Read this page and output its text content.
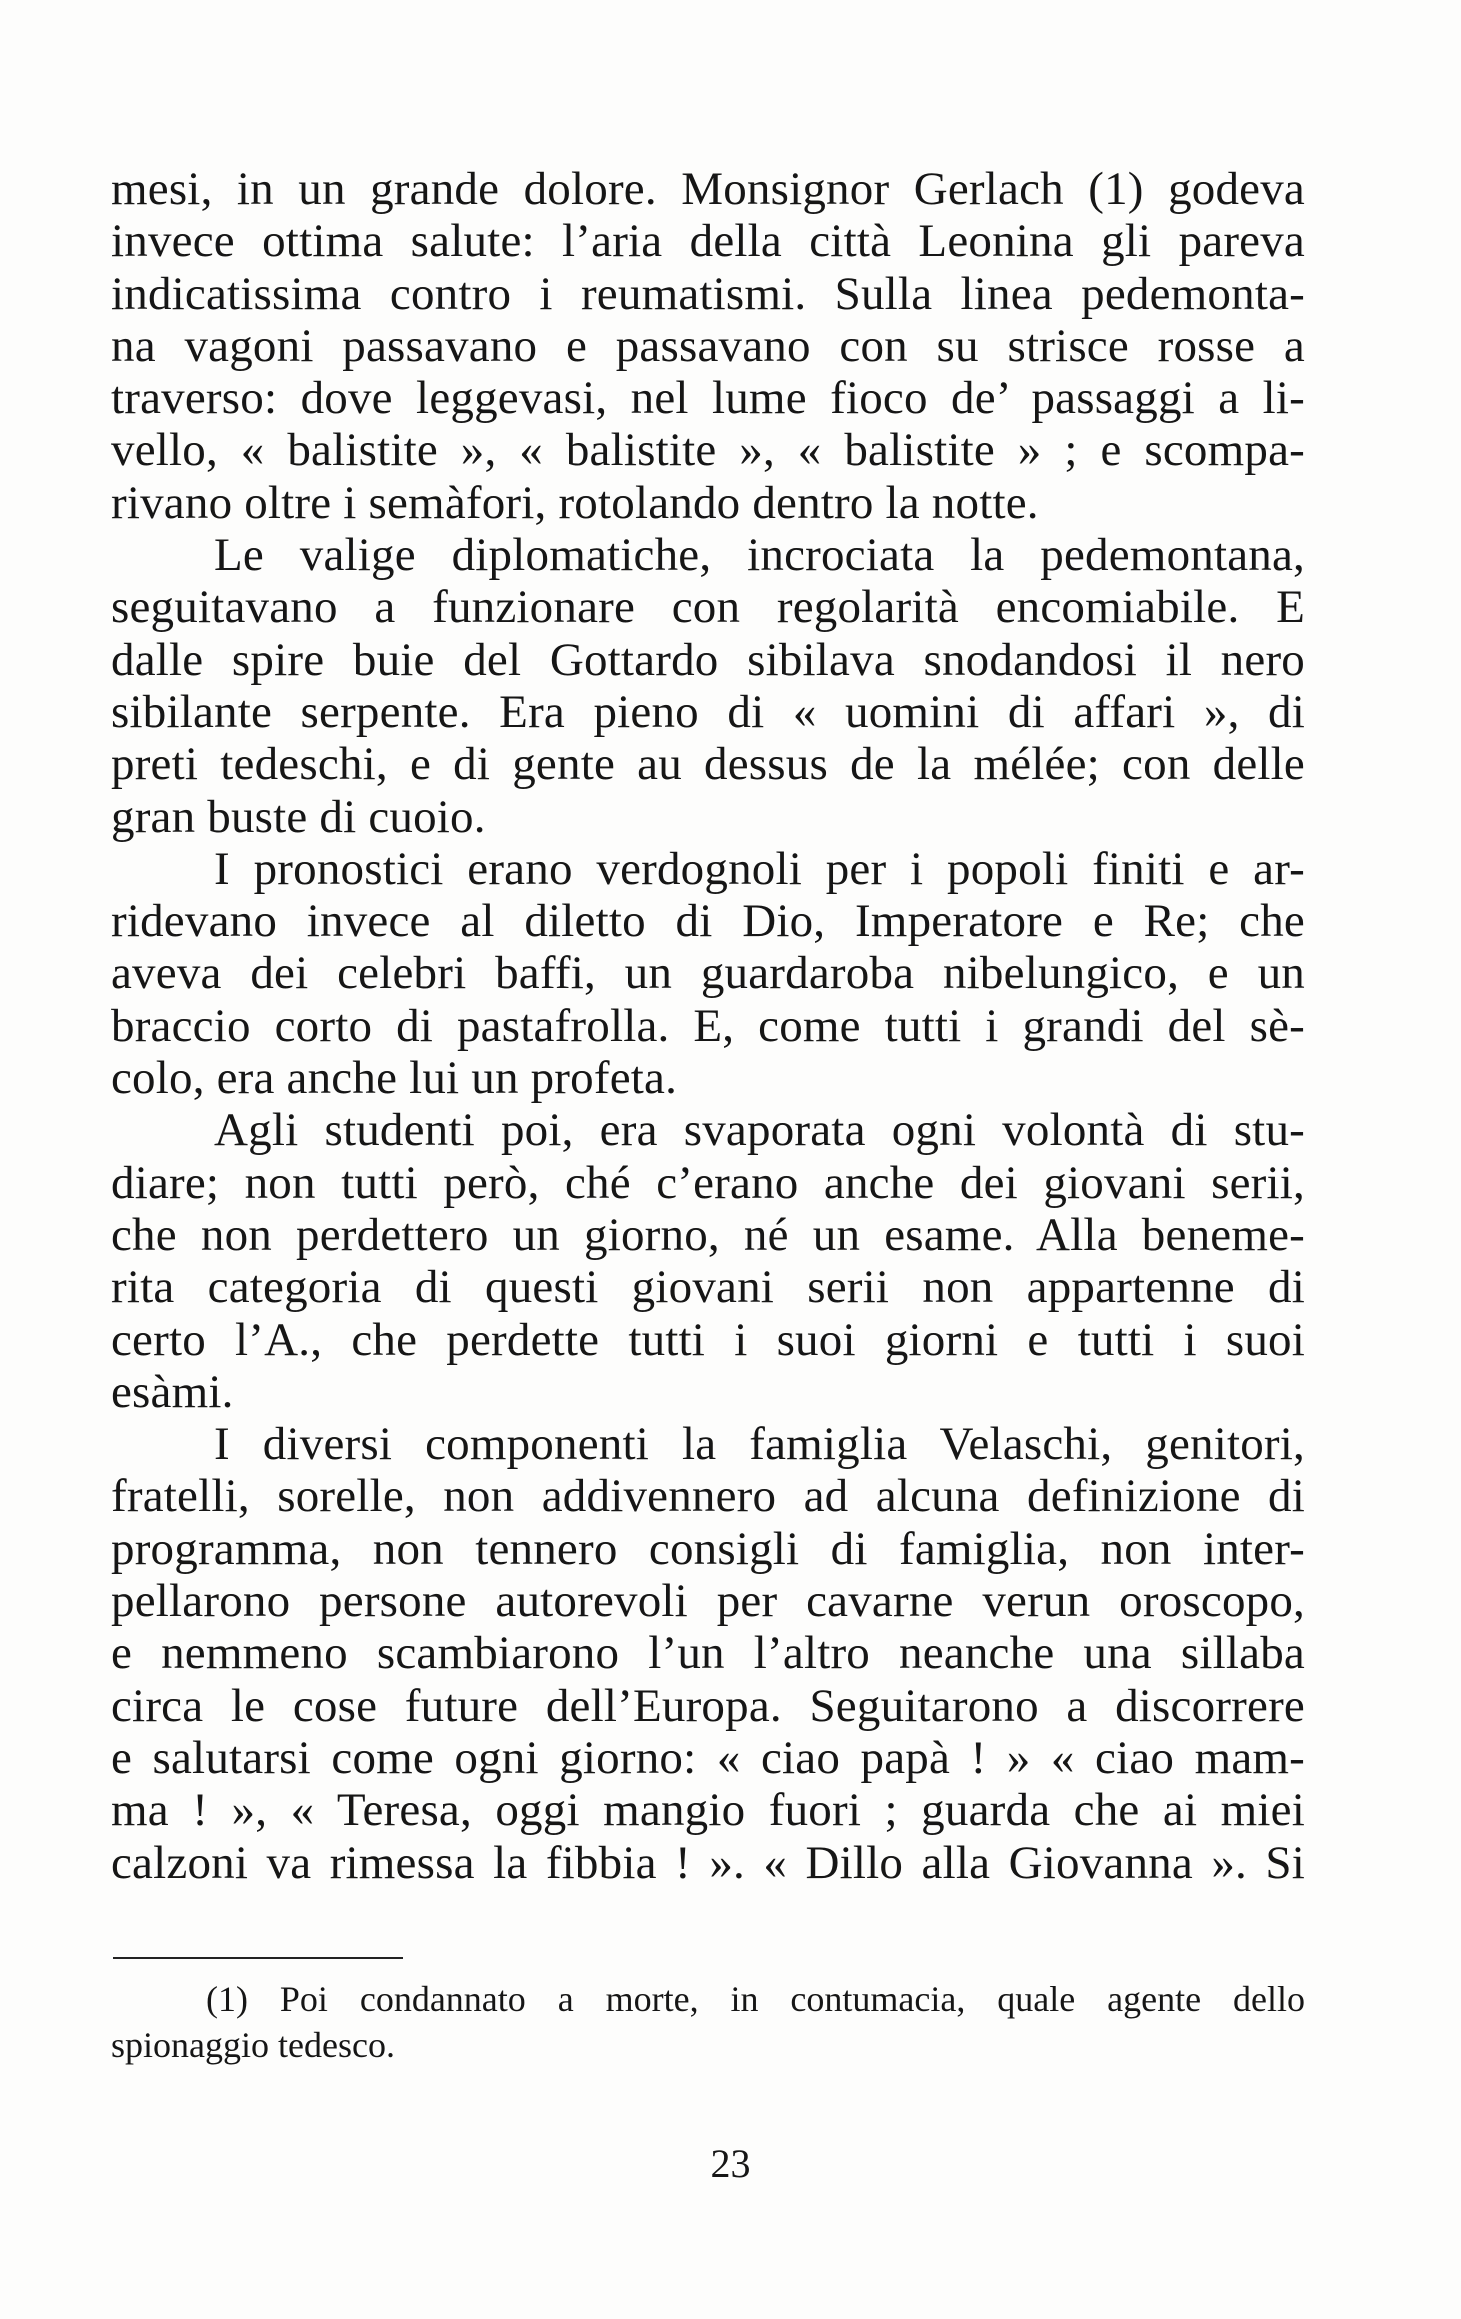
mesi, in un grande dolore. Monsignor Gerlach (1) godeva
invece ottima salute: l’aria della città Leonina gli pareva
indicatissima contro i reumatismi. Sulla linea pedemonta-
na vagoni passavano e passavano con su strisce rosse a
traverso: dove leggevasi, nel lume fioco de’ passaggi a li-
vello, « balistite », « balistite », « balistite » ; e scompa-
rivano oltre i semàfori, rotolando dentro la notte.
Le valige diplomatiche, incrociata la pedemontana,
seguitavano a funzionare con regolarità encomiabile. E
dalle spire buie del Gottardo sibilava snodandosi il nero
sibilante serpente. Era pieno di « uomini di affari », di
preti tedeschi, e di gente au dessus de la mélée; con delle
gran buste di cuoio.
I pronostici erano verdognoli per i popoli finiti e ar-
ridevano invece al diletto di Dio, Imperatore e Re; che
aveva dei celebri baffi, un guardaroba nibelungico, e un
braccio corto di pastafrolla. E, come tutti i grandi del sè-
colo, era anche lui un profeta.
Agli studenti poi, era svaporata ogni volontà di stu-
diare; non tutti però, ché c’erano anche dei giovani serii,
che non perdettero un giorno, né un esame. Alla beneme-
rita categoria di questi giovani serii non appartenne di
certo l’A., che perdette tutti i suoi giorni e tutti i suoi
esàmi.
I diversi componenti la famiglia Velaschi, genitori,
fratelli, sorelle, non addivennero ad alcuna definizione di
programma, non tennero consigli di famiglia, non inter-
pellarono persone autorevoli per cavarne verun oroscopo,
e nemmeno scambiarono l’un l’altro neanche una sillaba
circa le cose future dell’Europa. Seguitarono a discorrere
e salutarsi come ogni giorno: « ciao papà ! » « ciao mam-
ma ! », « Teresa, oggi mangio fuori ; guarda che ai miei
calzoni va rimessa la fibbia ! ». « Dillo alla Giovanna ». Si
(1) Poi condannato a morte, in contumacia, quale agente dello
spionaggio tedesco.
23
